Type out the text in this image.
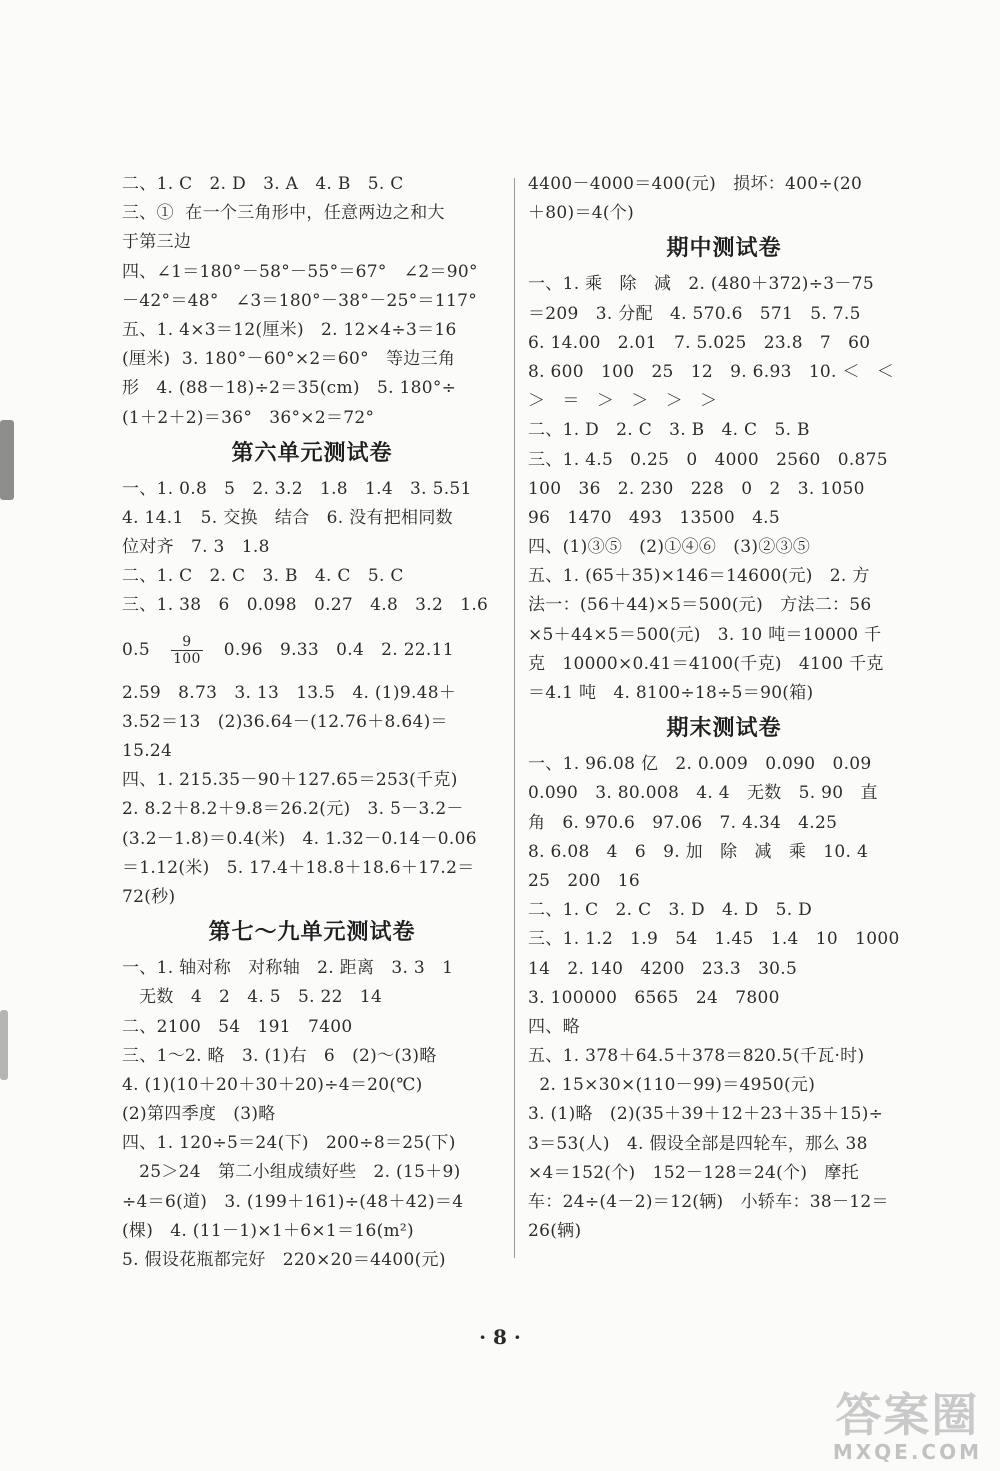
二、1. C   2. D   3. A   4. B   5. C
三、①  在一个三角形中，任意两边之和大
于第三边
四、∠1＝180°－58°－55°＝67°   ∠2＝90°
－42°＝48°   ∠3＝180°－38°－25°＝117°
五、1. 4×3＝12(厘米)   2. 12×4÷3＝16
(厘米)  3. 180°－60°×2＝60°   等边三角
形   4. (88－18)÷2＝35(cm)   5. 180°÷
(1＋2＋2)＝36°   36°×2＝72°
第六单元测试卷
一、1. 0.8   5   2. 3.2   1.8   1.4   3. 5.51
4. 14.1   5. 交换   结合   6. 没有把相同数
位对齐   7. 3   1.8
二、1. C   2. C   3. B   4. C   5. C
三、1. 38   6   0.098   0.27   4.8   3.2   1.6
$0.5 \frac{9}{100} 0.96$   9.33   0.4   2. 22.11
2.59   8.73   3. 13   13.5   4. (1)9.48＋
3.52＝13   (2)36.64－(12.76＋8.64)＝
15.24
四、1. 215.35－90＋127.65＝253(千克)
2. 8.2＋8.2＋9.8＝26.2(元)   3. 5－3.2－
(3.2－1.8)＝0.4(米)   4. 1.32－0.14－0.06
＝1.12(米)   5. 17.4＋18.8＋18.6＋17.2＝
72(秒)
第七～九单元测试卷
一、1. 轴对称   对称轴   2. 距离   3. 3   1
无数   4   2   4. 5   5. 22   14
二、2100   54   191   7400
三、1～2. 略   3. (1)右   6   (2)～(3)略
4. (1)(10＋20＋30＋20)÷4＝20(℃)
(2)第四季度   (3)略
四、1. 120÷5＝24(下)   200÷8＝25(下)
25＞24   第二小组成绩好些   2. (15＋9)
÷4＝6(道)   3. (199＋161)÷(48＋42)＝4
(棵)   4. (11－1)×1＋6×1＝16(m²)
5. 假设花瓶都完好   220×20＝4400(元)
4400－4000＝400(元)   损坏：400÷(20
＋80)＝4(个)
期中测试卷
一、1. 乘   除   减   2. (480＋372)÷3－75
＝209   3. 分配   4. 570.6   571   5. 7.5
6. 14.00   2.01   7. 5.025   23.8   7   60
8. 600   100   25   12   9. 6.93   10. ＜   ＜
＞   ＝   ＞   ＞   ＞   ＞
二、1. D   2. C   3. B   4. C   5. B
三、1. 4.5   0.25   0   4000   2560   0.875
100   36   2. 230   228   0   2   3. 1050
96   1470   493   13500   4.5
四、(1)③⑤   (2)①④⑥   (3)②③⑤
五、1. (65＋35)×146＝14600(元)   2. 方
法一：(56＋44)×5＝500(元)   方法二：56
×5＋44×5＝500(元)   3. 10 吨＝10000 千
克   10000×0.41＝4100(千克)   4100 千克
＝4.1 吨   4. 8100÷18÷5＝90(箱)
期末测试卷
一、1. 96.08 亿   2. 0.009   0.090   0.09
0.090   3. 80.008   4. 4   无数   5. 90   直
角   6. 970.6   97.06   7. 4.34   4.25
8. 6.08   4   6   9. 加   除   减   乘   10. 4
25   200   16
二、1. C   2. C   3. D   4. D   5. D
三、1. 1.2   1.9   54   1.45   1.4   10   1000
14   2. 140   4200   23.3   30.5
3. 100000   6565   24   7800
四、略
五、1. 378＋64.5＋378＝820.5(千瓦·时)
2. 15×30×(110－99)＝4950(元)
3. (1)略   (2)(35＋39＋12＋23＋35＋15)÷
3＝53(人)   4. 假设全部是四轮车，那么 38
×4＝152(个)   152－128＝24(个)   摩托
车：24÷(4－2)＝12(辆)   小轿车：38－12＝
26(辆)
· 8 ·
答案圈
MXQE.COM
